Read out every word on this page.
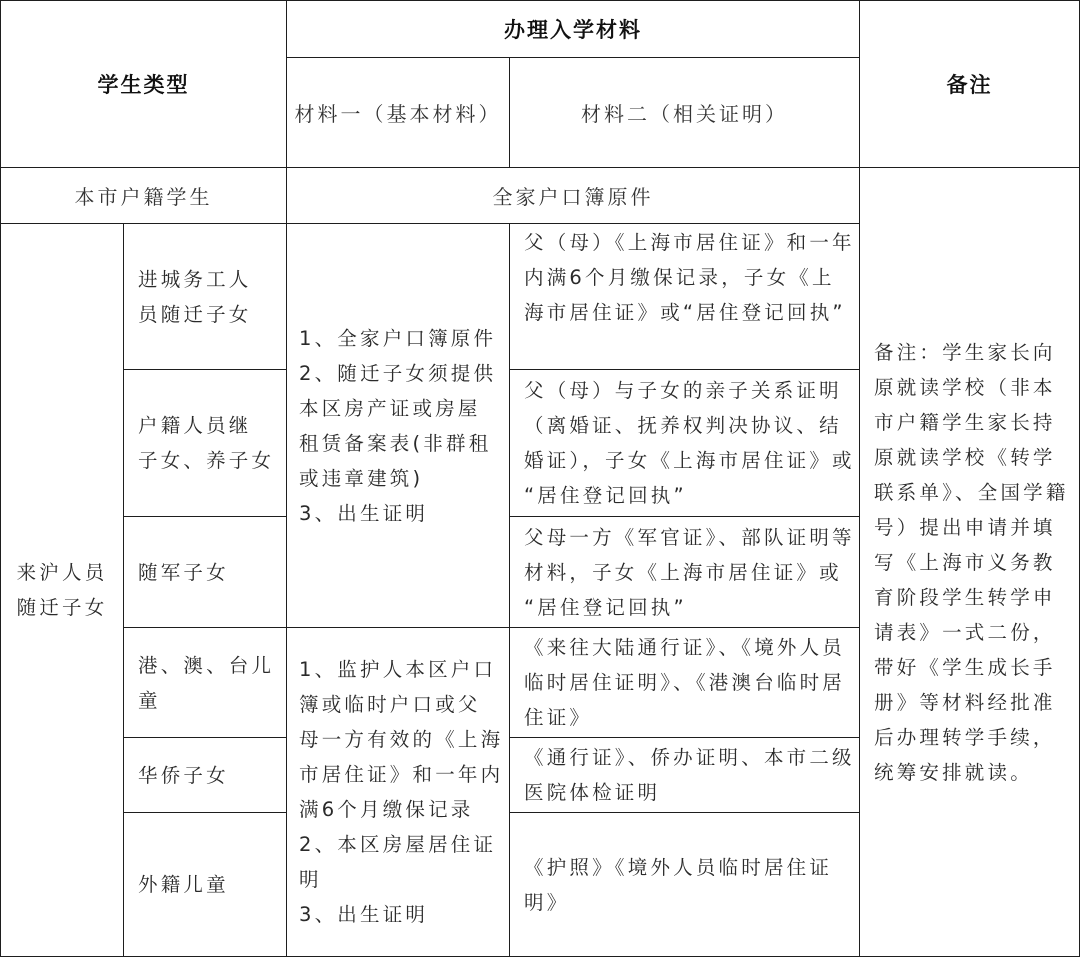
学生类型
办理入学材料
材料一（基本材料）	材料二（相关证明）
备注
本市户籍学生	全家户口簿原件
备注：学生家长向
原就读学校（非本
市户籍学生家长持
原就读学校《转学
联系单》、全国学籍
号）提出申请并填
写《上海市义务教
育阶段学生转学申
请表》一式二份，
带好《学生成长手
册》等材料经批准
后办理转学手续，
统筹安排就读。
来沪人员
随迁子女
进城务工人
员随迁子女
户籍人员继
子女、养子女
随军子女
港、澳、台儿
童
华侨子女
外籍儿童
1、全家户口簿原件
2、随迁子女须提供
本区房产证或房屋
租赁备案表(非群租
或违章建筑)
3、出生证明
1、监护人本区户口
簿或临时户口或父
母一方有效的《上海
市居住证》和一年内
满6个月缴保记录
2、本区房屋居住证
明
3、出生证明
父（母）《上海市居住证》和一年
内满6个月缴保记录，子女《上
海市居住证》或“居住登记回执”
父（母）与子女的亲子关系证明
（离婚证、抚养权判决协议、结
婚证），子女《上海市居住证》或
“居住登记回执”
父母一方《军官证》、部队证明等
材料，子女《上海市居住证》或
“居住登记回执”
《来往大陆通行证》、《境外人员
临时居住证明》、《港澳台临时居
住证》
《通行证》、侨办证明、本市二级
医院体检证明
《护照》《境外人员临时居住证
明》
